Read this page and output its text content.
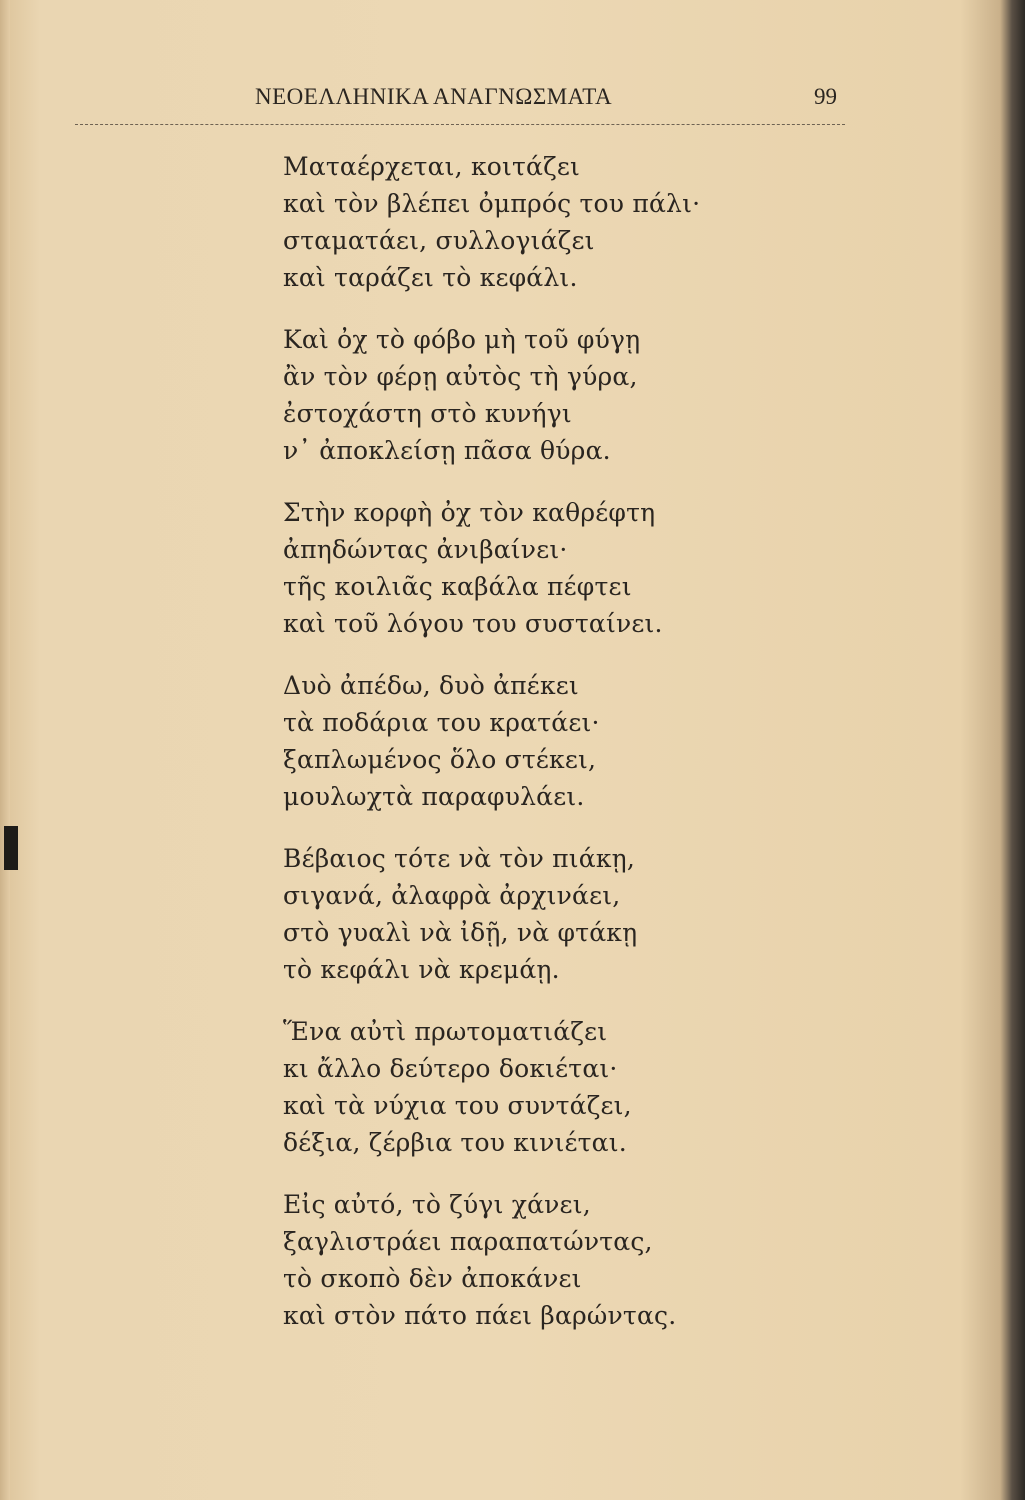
ΝΕΟΕΛΛΗΝΙΚΑ ΑΝΑΓΝΩΣΜΑΤΑ	99
Ματαέρχεται, κοιτάζει
καὶ τὸν βλέπει ὀμπρός του πάλι·
σταματάει, συλλογιάζει
καὶ ταράζει τὸ κεφάλι.
Καὶ ὀχ τὸ φόβο μὴ τοῦ φύγῃ
ἂν τὸν φέρῃ αὐτὸς τὴ γύρα,
ἐστοχάστη στὸ κυνήγι
ν᾽ ἀποκλείσῃ πᾶσα θύρα.
Στὴν κορφὴ ὀχ τὸν καθρέφτη
ἀπηδώντας ἀνιβαίνει·
τῆς κοιλιᾶς καβάλα πέφτει
καὶ τοῦ λόγου του συσταίνει.
Δυὸ ἀπέδω, δυὸ ἀπέκει
τὰ ποδάρια του κρατάει·
ξαπλωμένος ὅλο στέκει,
μουλωχτὰ παραφυλάει.
Βέβαιος τότε νὰ τὸν πιάκῃ,
σιγανά, ἀλαφρὰ ἀρχινάει,
στὸ γυαλὶ νὰ ἰδῇ, νὰ φτάκῃ
τὸ κεφάλι νὰ κρεμάῃ.
Ἕνα αὐτὶ πρωτοματιάζει
κι ἄλλο δεύτερο δοκιέται·
καὶ τὰ νύχια του συντάζει,
δέξια, ζέρβια του κινιέται.
Εἰς αὐτό, τὸ ζύγι χάνει,
ξαγλιστράει παραπατώντας,
τὸ σκοπὸ δὲν ἀποκάνει
καὶ στὸν πάτο πάει βαρώντας.
